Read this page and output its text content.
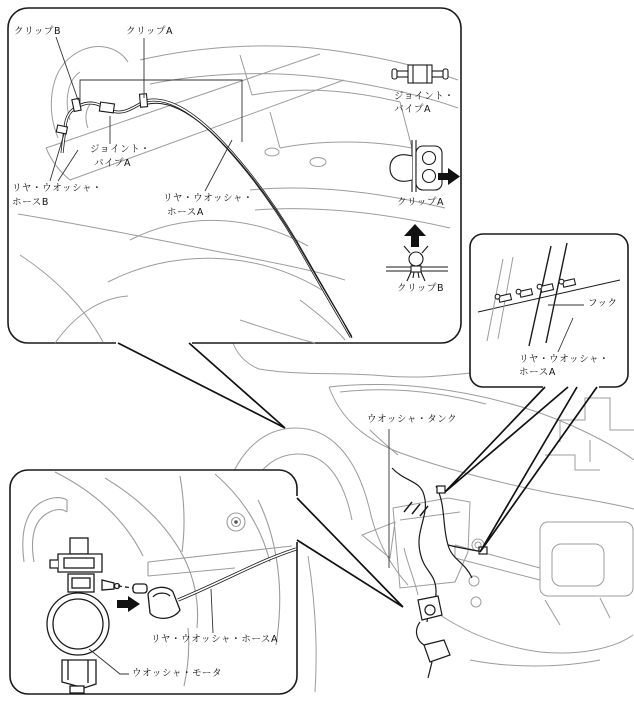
クリップB	クリップA
ジョイント・
パイプA
リヤ・ウオッシャ・
ホースB	リヤ・ウオッシャ・
ホースA
ジョイント・
パイプA
クリップA
クリップB
フック
リヤ・ウオッシャ・
ホースA
ウオッシャ・タンク
リヤ・ウオッシャ・ホースA
ウオッシャ・モータ
